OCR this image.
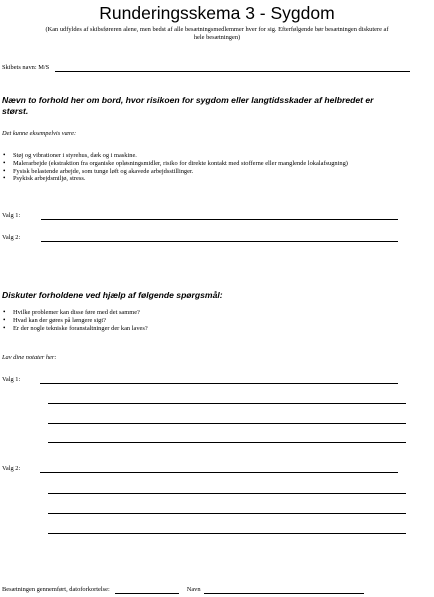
Runderingsskema 3 - Sygdom
(Kan udfyldes af skibsføreren alene, men bedst af alle besætningsmedlemmer hver for sig. Efterfølgende bør besætningen diskutere af hele besætningen)
Skibets navn: M/S
Nævn to forhold her om bord, hvor risikoen for sygdom eller langtidsskader af helbredet er størst.
Det kunne eksempelvis være:
• Støj og vibrationer i styrehus, dæk og i maskine.
• Malerarbejde (ekstraktion fra organiske opløsningsmidler, risiko for direkte kontakt med stofferne eller manglende lokalafsugning)
• Fysisk belastende arbejde, som tunge løft og akavede arbejdsstillinger.
• Psykisk arbejdsmiljø, stress.
Valg 1:
Valg 2:
Diskuter forholdene ved hjælp af følgende spørgsmål:
• Hvilke problemer kan disse føre med det samme?
• Hvad kan der gøres på længere sigt?
• Er der nogle tekniske foranstaltninger der kan laves?
Lav dine notater her:
Valg 1:
Valg 2:
Besætningen gennemført, datoforkortelse:	Navn
